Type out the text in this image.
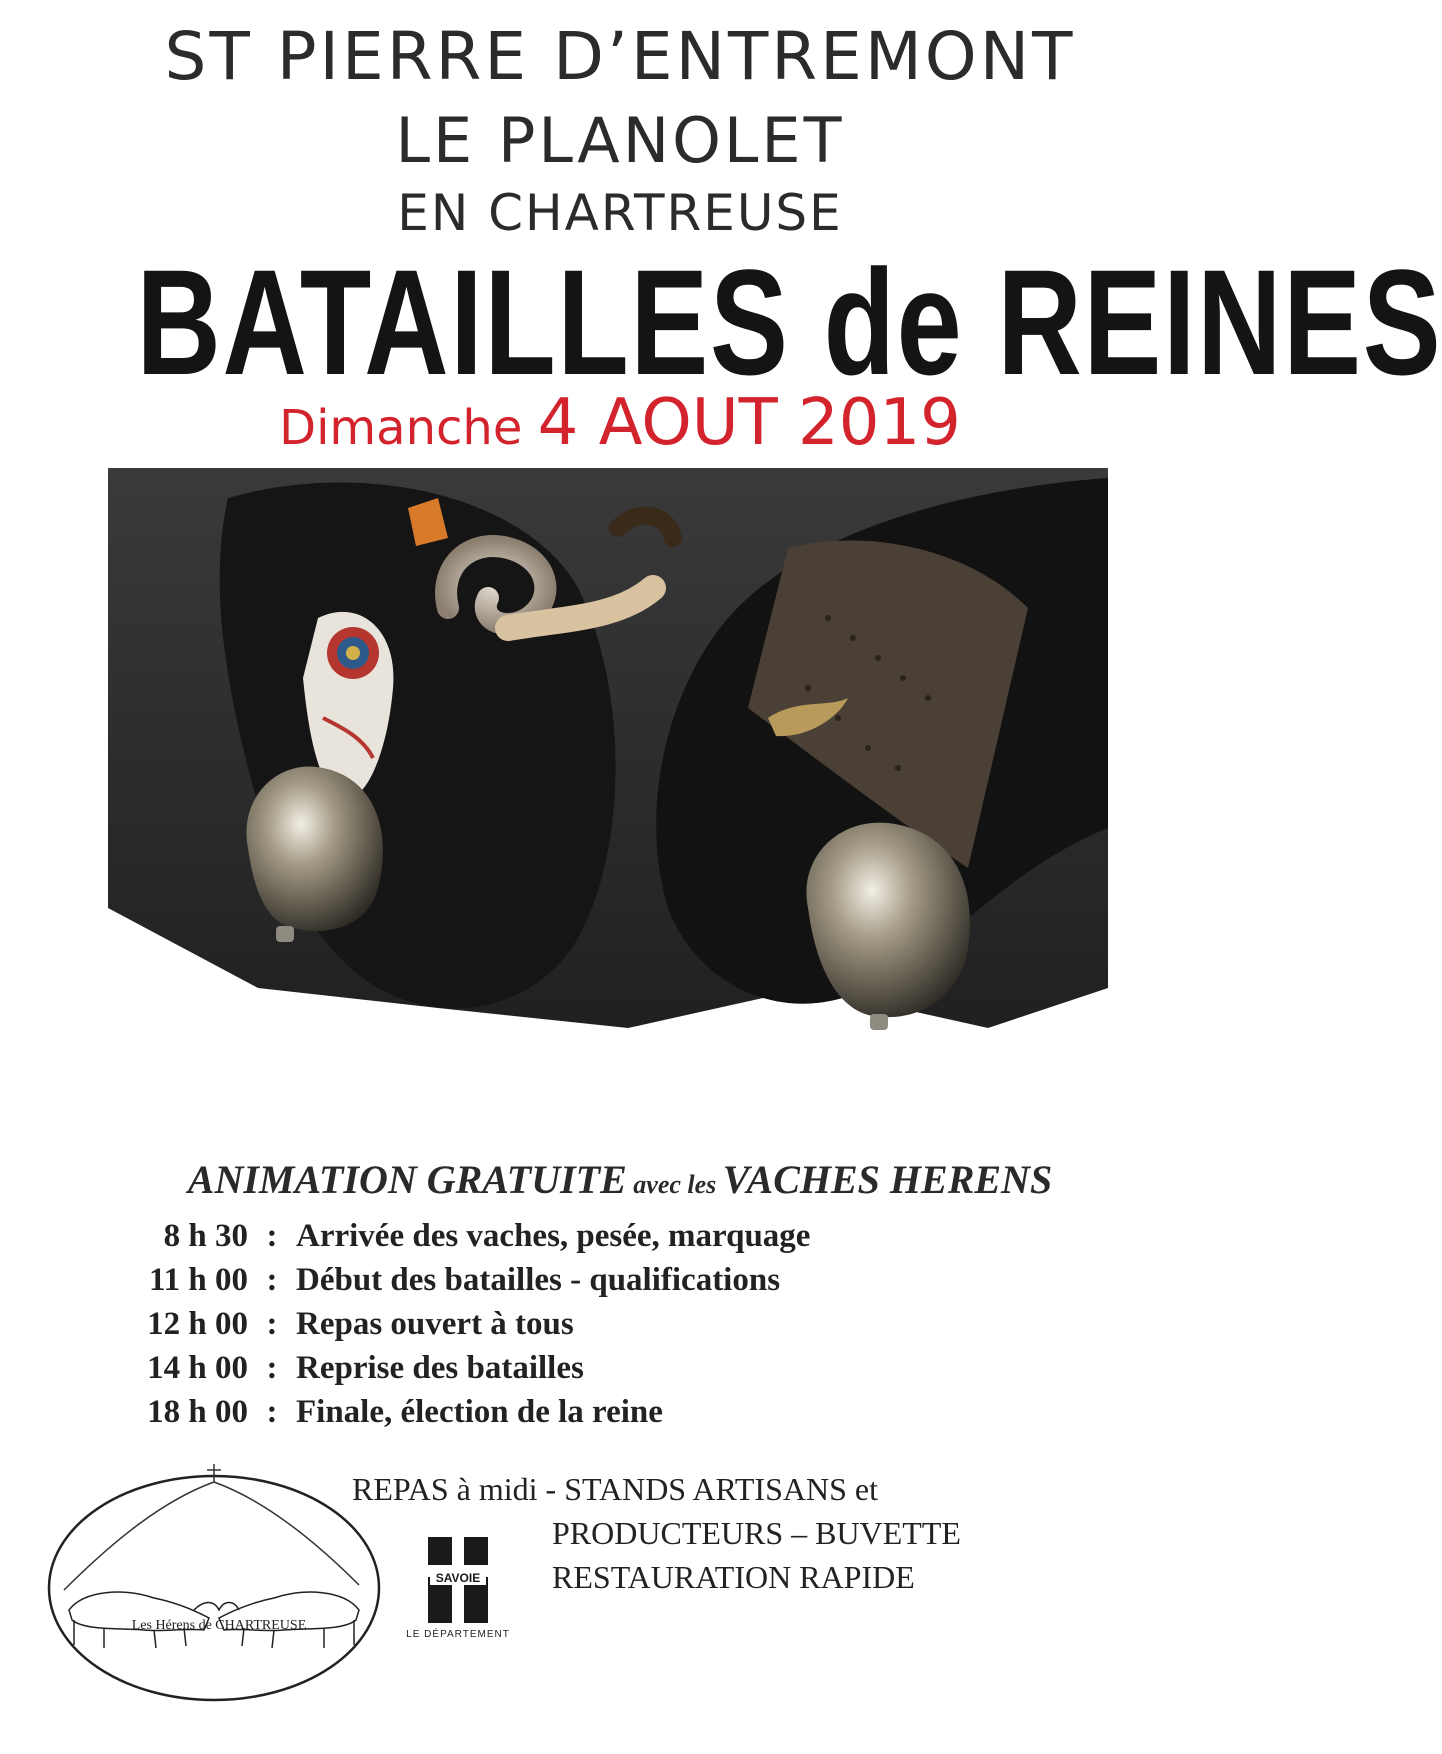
ST PIERRE D’ENTREMONT
LE PLANOLET
EN CHARTREUSE
BATAILLES de REINES
Dimanche 4 AOUT 2019
ANIMATION GRATUITE avec les VACHES HERENS
8 h 30 : Arrivée des vaches, pesée, marquage
11 h 00 : Début des batailles - qualifications
12 h 00 : Repas ouvert à tous
14 h 00 : Reprise des batailles
18 h 00 : Finale, élection de la reine
REPAS à midi - STANDS ARTISANS et
PRODUCTEURS – BUVETTE
RESTAURATION RAPIDE
Les Hérens de CHARTREUSE
SAVOIE
LE DÉPARTEMENT
